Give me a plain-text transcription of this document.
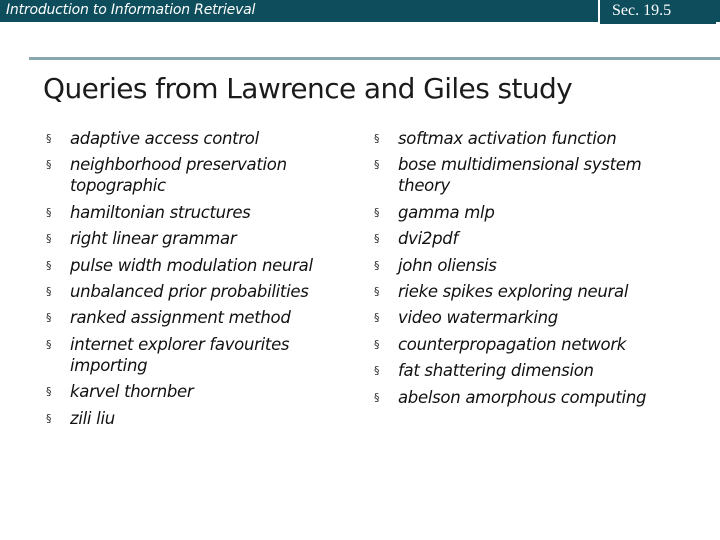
Introduction to Information Retrieval	Sec. 19.5
Queries from Lawrence and Giles study
§ adaptive access control
§ neighborhood preservation topographic
§ hamiltonian structures
§ right linear grammar
§ pulse width modulation neural
§ unbalanced prior probabilities
§ ranked assignment method
§ internet explorer favourites importing
§ karvel thornber
§ zili liu
§ softmax activation function
§ bose multidimensional system theory
§ gamma mlp
§ dvi2pdf
§ john oliensis
§ rieke spikes exploring neural
§ video watermarking
§ counterpropagation network
§ fat shattering dimension
§ abelson amorphous computing
